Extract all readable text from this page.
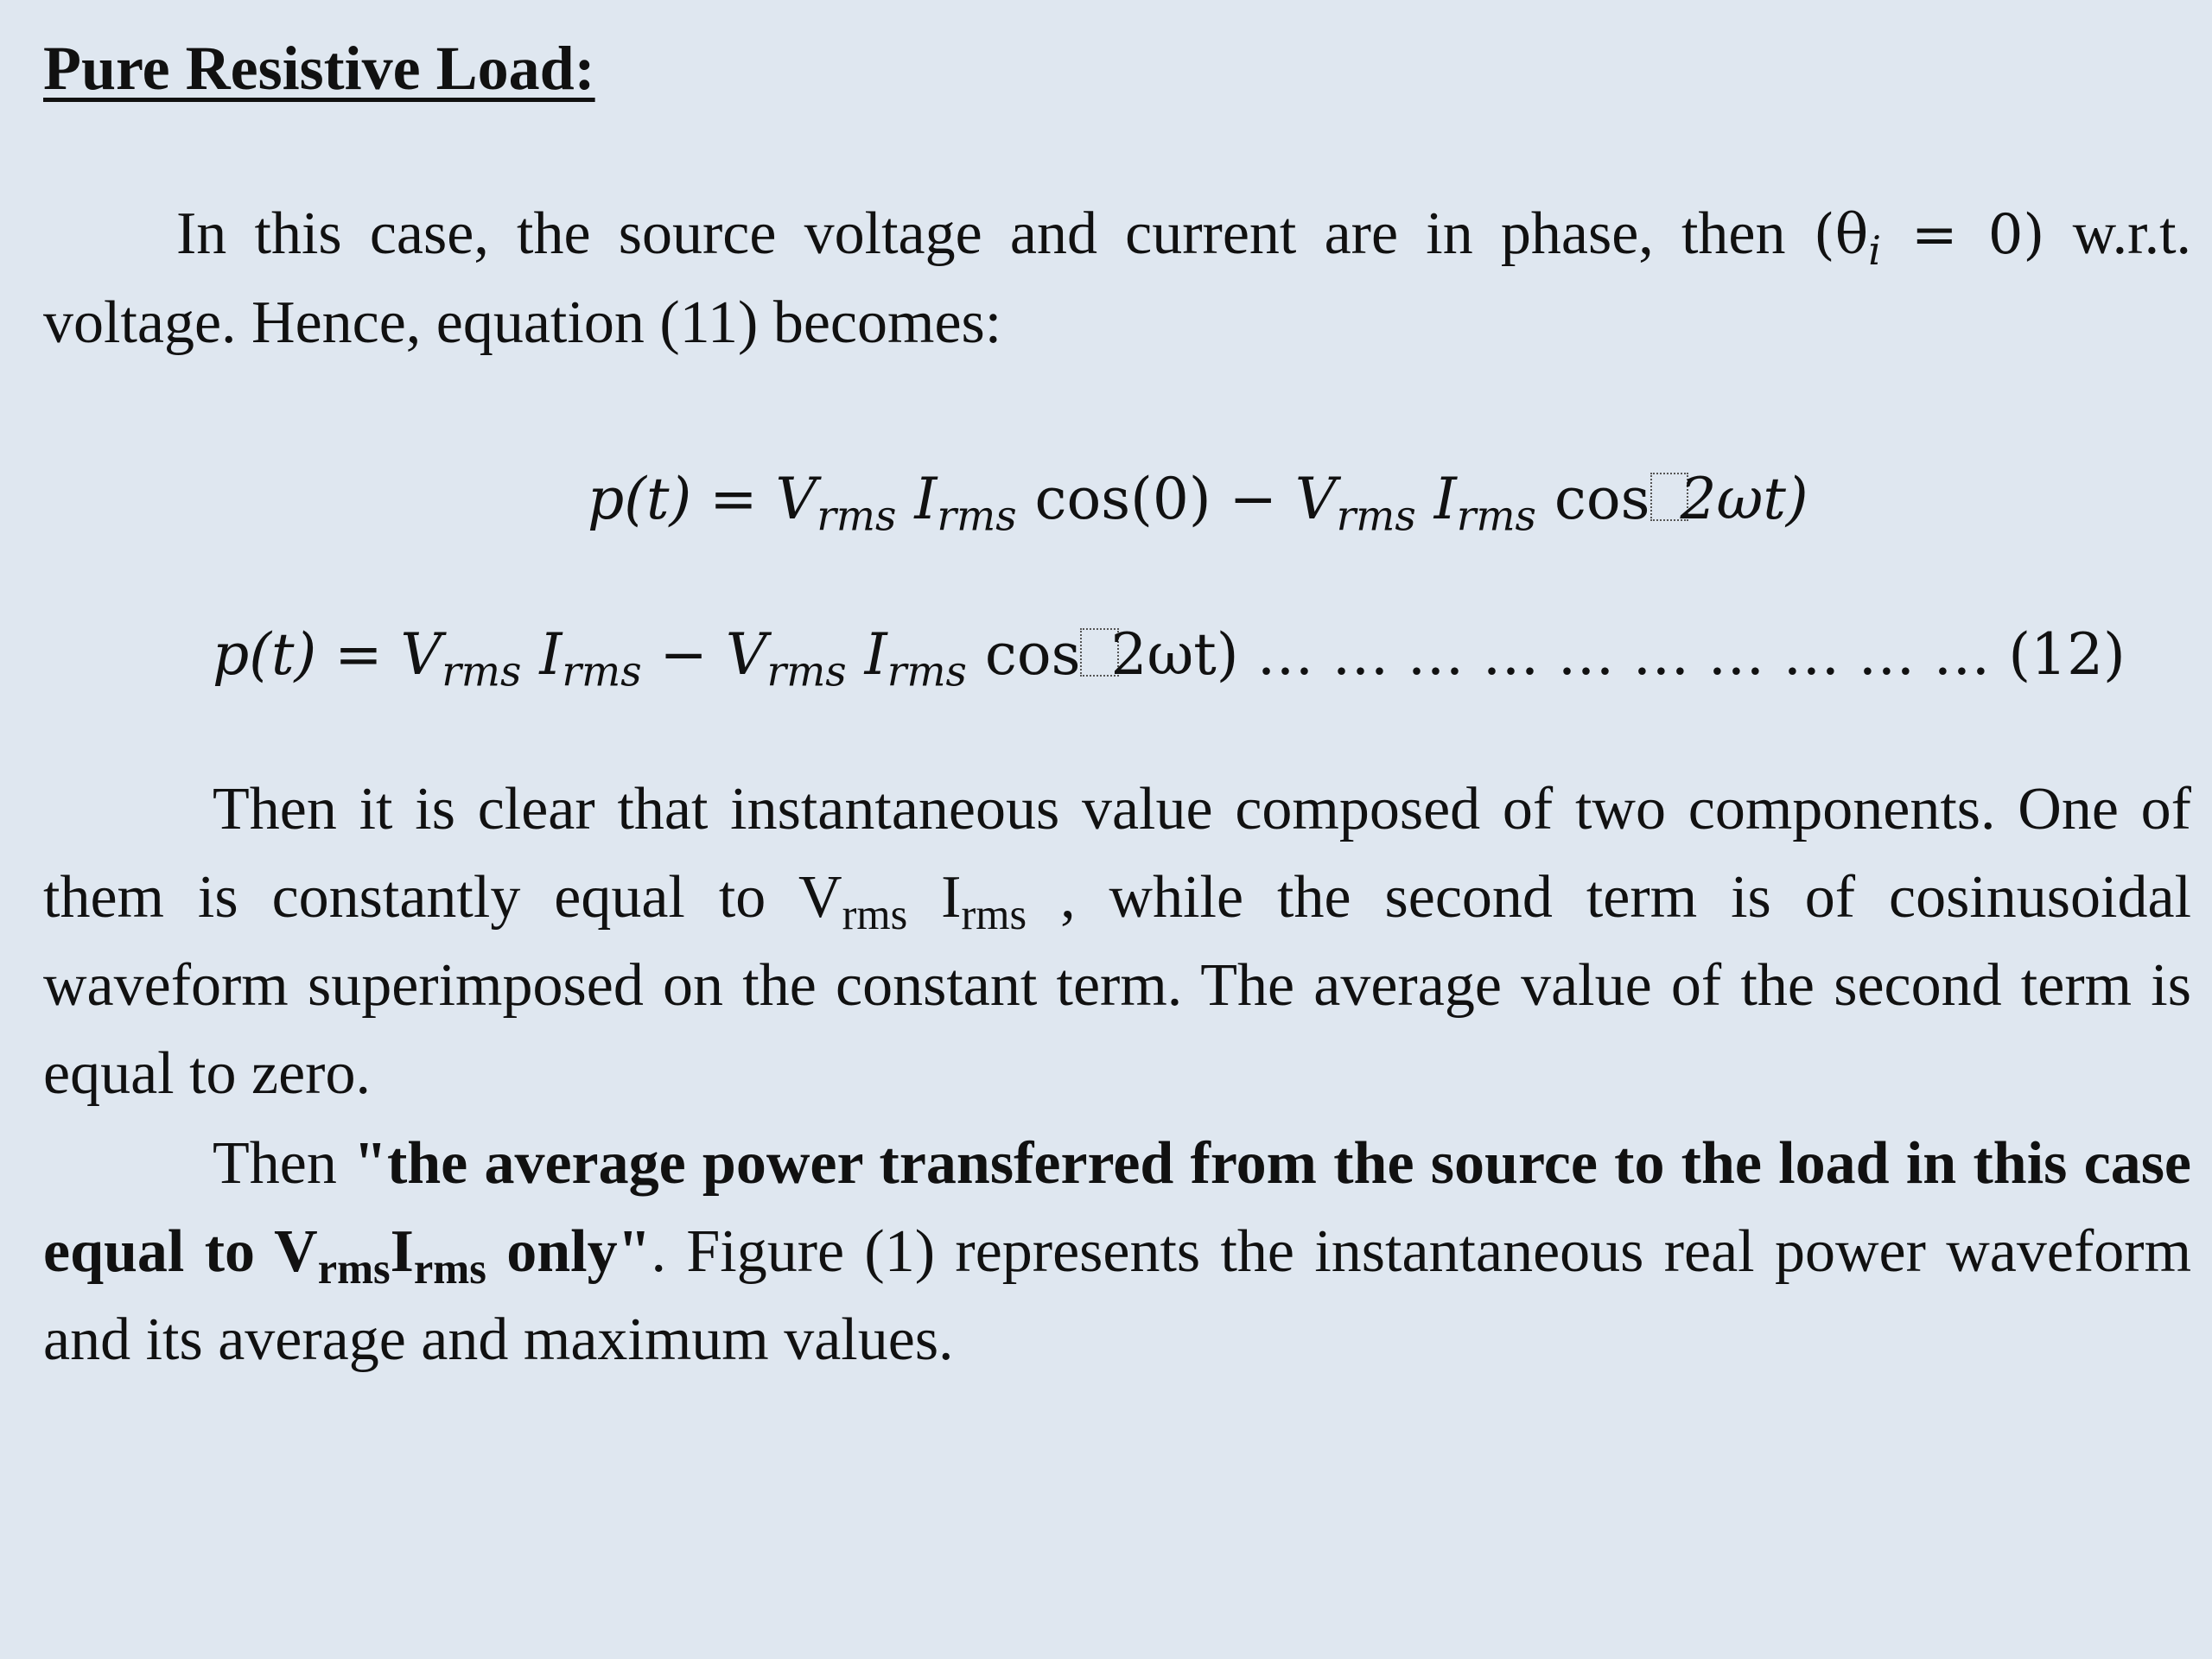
Pure Resistive Load:
In this case, the source voltage and current are in phase, then $(\theta_i = 0)$ w.r.t. voltage. Hence, equation (11) becomes:
$p(t) = V_{rms}$ $I_{rms}$ $\cos(0) - V_{rms}$ $I_{rms}$ cos 2ωt)
$p(t) = V_{rms}$ $I_{rms} - V_{rms}$ $I_{rms}$ cos 2ωt) … … … … … … … … … … (12)
Then it is clear that instantaneous value composed of two components. One of them is constantly equal to $V_{rms}$ $I_{rms}$ , while the second term is of cosinusoidal waveform superimposed on the constant term. The average value of the second term is equal to zero.
Then "the average power transferred from the source to the load in this case equal to $V_{rms}I_{rms}$ only". Figure (1) represents the instantaneous real power waveform and its average and maximum values.
